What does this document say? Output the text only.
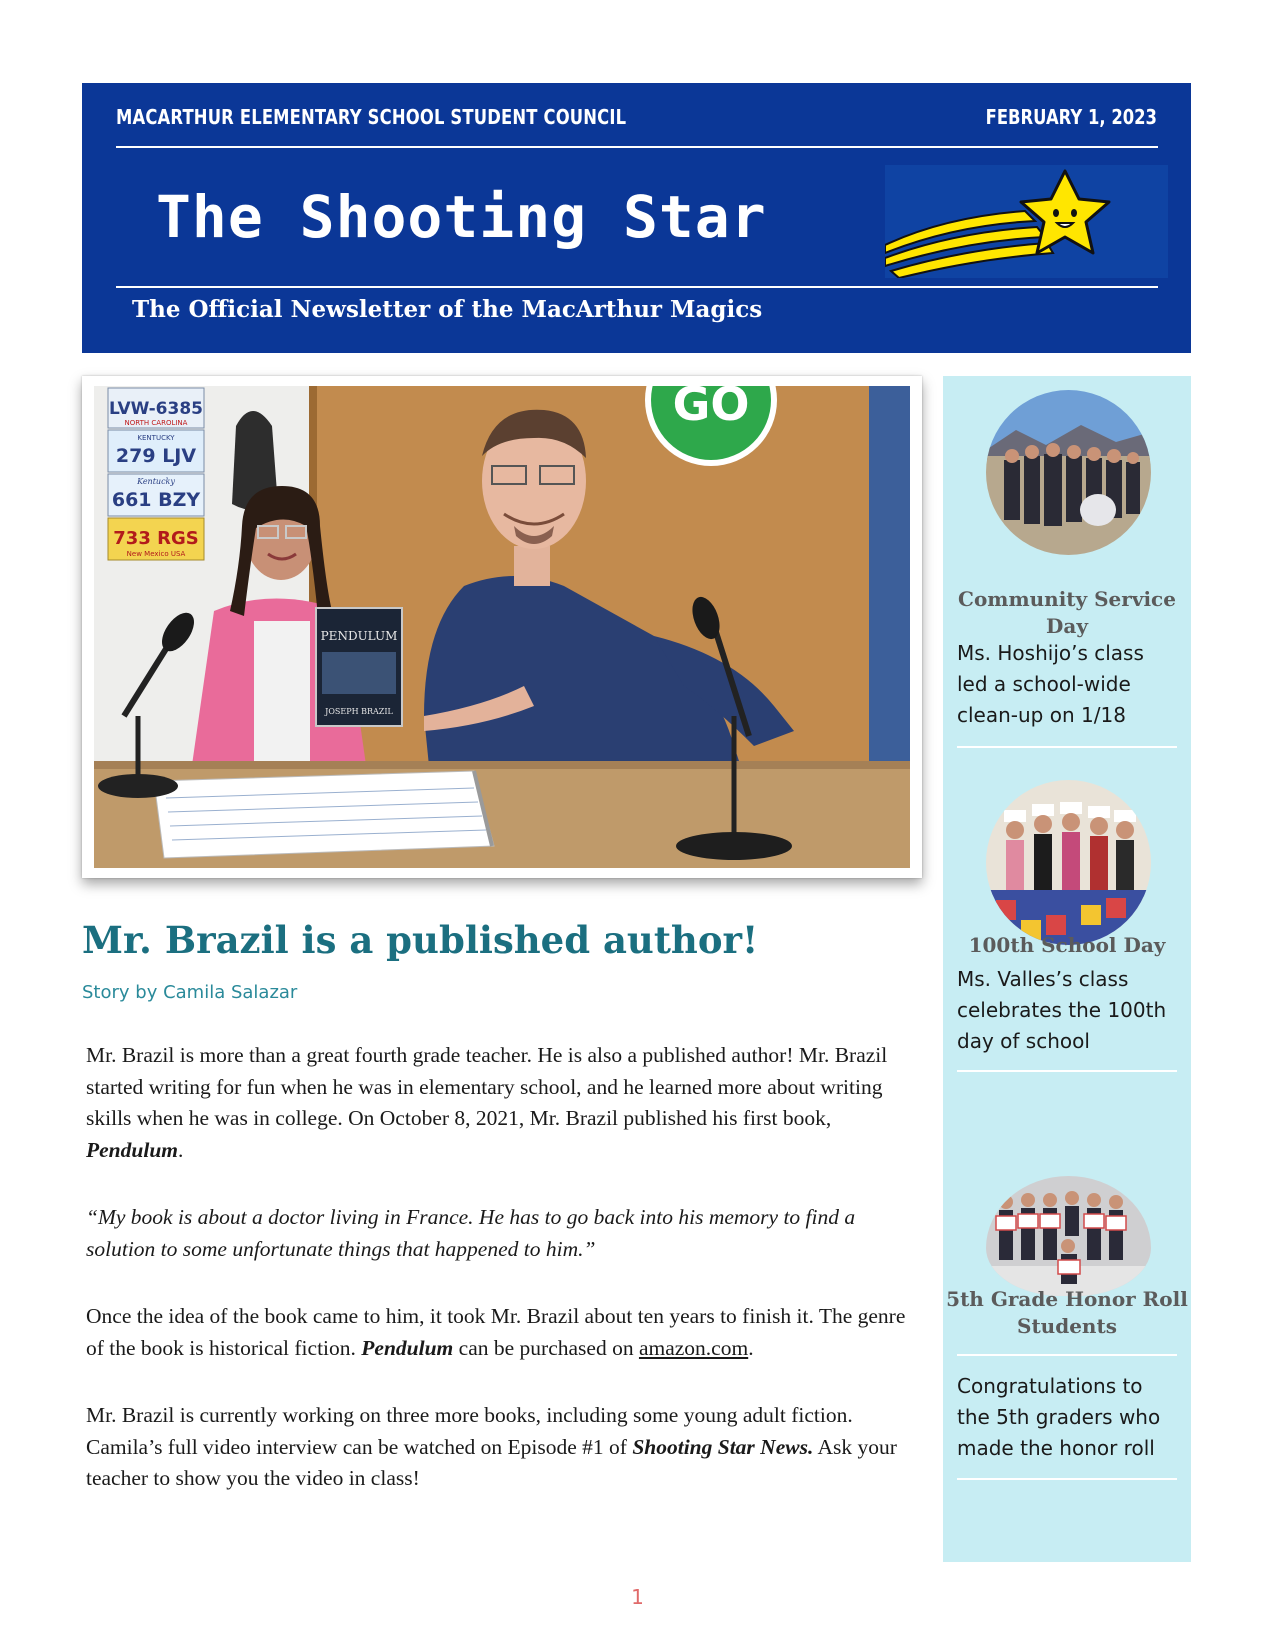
MACARTHUR ELEMENTARY SCHOOL STUDENT COUNCIL	FEBRUARY 1, 2023
The Shooting Star
The Official Newsletter of the MacArthur Magics
LVW-6385
NORTH CAROLINA
KENTUCKY
279 LJV
Kentucky
661 BZY
733 RGS
New Mexico USA
GO
PENDULUM
JOSEPH BRAZIL
Mr. Brazil is a published author!
Story by Camila Salazar

Mr. Brazil is more than a great fourth grade teacher. He is also a published author! Mr. Brazil started writing for fun when he was in elementary school, and he learned more about writing skills when he was in college. On October 8, 2021, Mr. Brazil published his first book, Pendulum.

“My book is about a doctor living in France. He has to go back into his memory to find a solution to some unfortunate things that happened to him.”

Once the idea of the book came to him, it took Mr. Brazil about ten years to finish it. The genre of the book is historical fiction. Pendulum can be purchased on amazon.com.

Mr. Brazil is currently working on three more books, including some young adult fiction. Camila’s full video interview can be watched on Episode #1 of Shooting Star News. Ask your teacher to show you the video in class!

Community Service Day
Ms. Hoshijo’s class led a school-wide clean-up on 1/18
100th School Day
Ms. Valles’s class celebrates the 100th day of school
5th Grade Honor Roll Students
Congratulations to the 5th graders who made the honor roll
1
